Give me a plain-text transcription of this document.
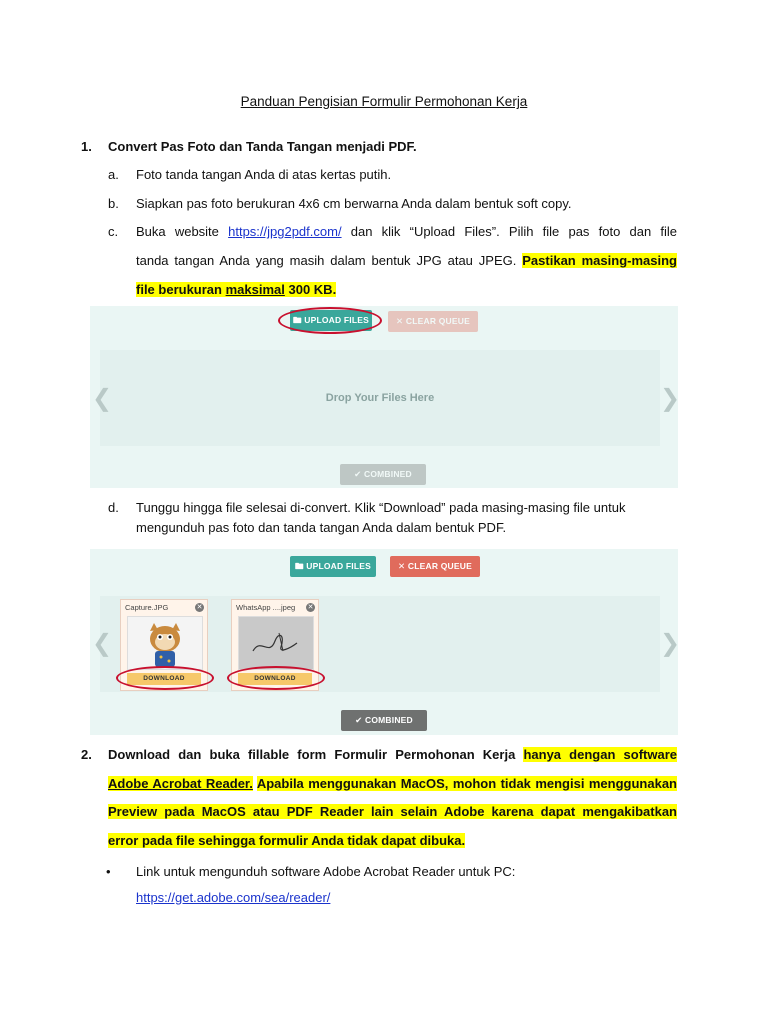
Panduan Pengisian Formulir Permohonan Kerja
1. Convert Pas Foto dan Tanda Tangan menjadi PDF.
a. Foto tanda tangan Anda di atas kertas putih.
b. Siapkan pas foto berukuran 4x6 cm berwarna Anda dalam bentuk soft copy.
c. Buka website https://jpg2pdf.com/ dan klik “Upload Files”. Pilih file pas foto dan file
tanda tangan Anda yang masih dalam bentuk JPG atau JPEG. Pastikan masing-masing
file berukuran maksimal 300 KB.
🖿 UPLOAD FILES	✕ CLEAR QUEUE
Drop Your Files Here
❮	❯
✔ COMBINED
d. Tunggu hingga file selesai di-convert. Klik “Download” pada masing-masing file untuk
mengunduh pas foto dan tanda tangan Anda dalam bentuk PDF.
🖿 UPLOAD FILES	✕ CLEAR QUEUE
❮	❯
Capture.JPG	✕
DOWNLOAD
WhatsApp ....jpeg ✕
DOWNLOAD
✔ COMBINED
2. Download dan buka fillable form Formulir Permohonan Kerja hanya dengan software
Adobe Acrobat Reader. Apabila menggunakan MacOS, mohon tidak mengisi menggunakan
Preview pada MacOS atau PDF Reader lain selain Adobe karena dapat mengakibatkan
error pada file sehingga formulir Anda tidak dapat dibuka.
• Link untuk mengunduh software Adobe Acrobat Reader untuk PC:
https://get.adobe.com/sea/reader/
